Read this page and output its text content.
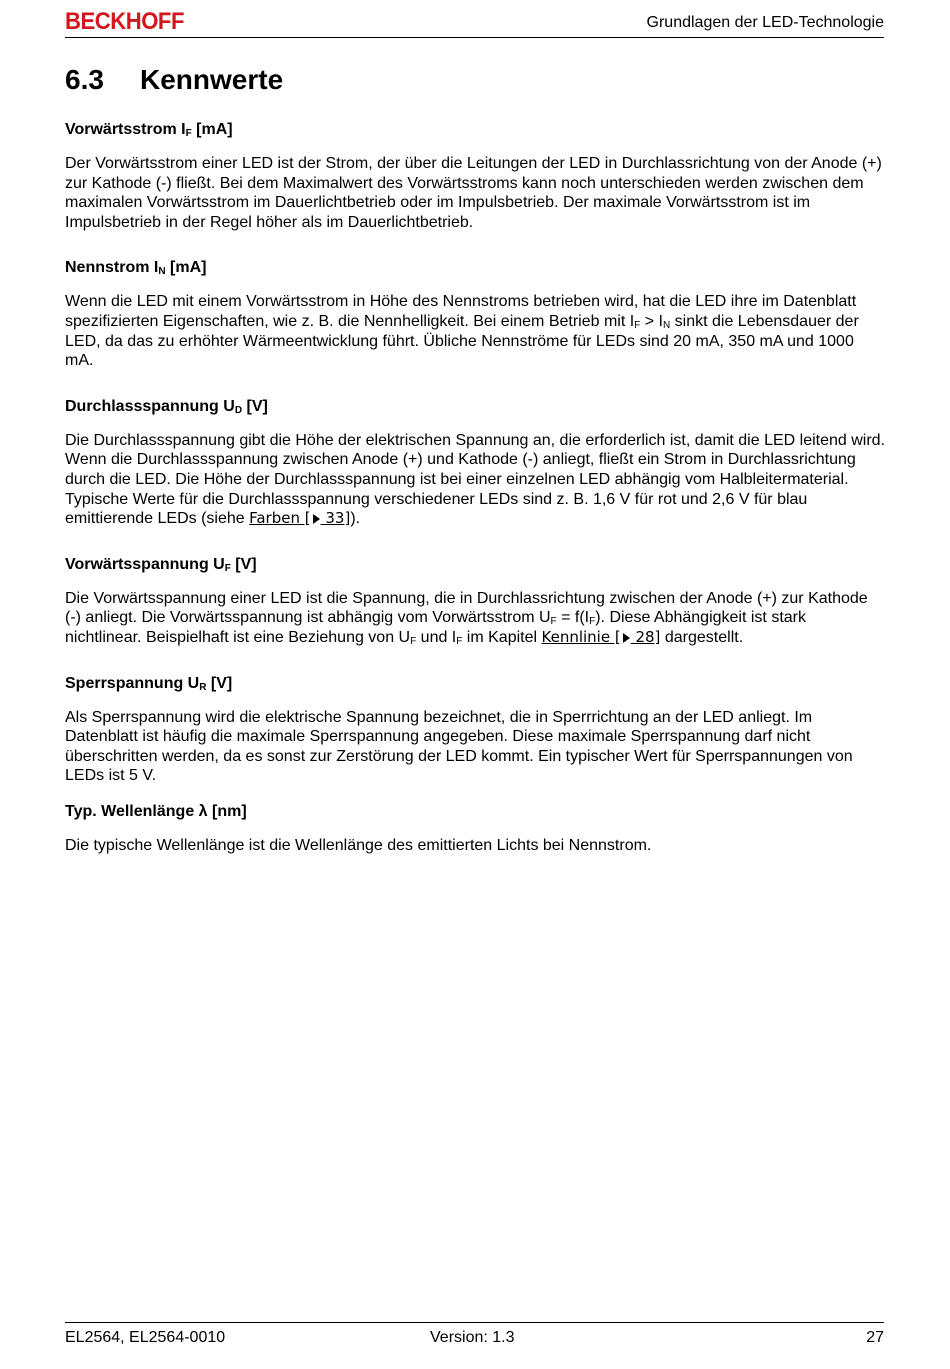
BECKHOFF	Grundlagen der LED-Technologie
6.3 Kennwerte
Vorwärtsstrom $I_F$ [mA]

Der Vorwärtsstrom einer LED ist der Strom, der über die Leitungen der LED in Durchlassrichtung von der Anode (+) zur Kathode (-) fließt. Bei dem Maximalwert des Vorwärtsstroms kann noch unterschieden werden zwischen dem maximalen Vorwärtsstrom im Dauerlichtbetrieb oder im Impulsbetrieb. Der maximale Vorwärtsstrom ist im Impulsbetrieb in der Regel höher als im Dauerlichtbetrieb.

Nennstrom $I_N$ [mA]

Wenn die LED mit einem Vorwärtsstrom in Höhe des Nennstroms betrieben wird, hat die LED ihre im Datenblatt spezifizierten Eigenschaften, wie z. B. die Nennhelligkeit. Bei einem Betrieb mit $I_F > I_N$ sinkt die Lebensdauer der LED, da das zu erhöhter Wärmeentwicklung führt. Übliche Nennströme für LEDs sind 20 mA, 350 mA und 1000 mA.

Durchlassspannung $U_D$ [V]

Die Durchlassspannung gibt die Höhe der elektrischen Spannung an, die erforderlich ist, damit die LED leitend wird. Wenn die Durchlassspannung zwischen Anode (+) und Kathode (-) anliegt, fließt ein Strom in Durchlassrichtung durch die LED. Die Höhe der Durchlassspannung ist bei einer einzelnen LED abhängig vom Halbleitermaterial. Typische Werte für die Durchlassspannung verschiedener LEDs sind z. B. 1,6 V für rot und 2,6 V für blau emittierende LEDs (siehe Farben [ 33]).

Vorwärtsspannung $U_F$ [V]

Die Vorwärtsspannung einer LED ist die Spannung, die in Durchlassrichtung zwischen der Anode (+) zur Kathode (-) anliegt. Die Vorwärtsspannung ist abhängig vom Vorwärtsstrom $U_F = f(I_F)$. Diese Abhängigkeit ist stark nichtlinear. Beispielhaft ist eine Beziehung von $U_F$ und $I_F$ im Kapitel Kennlinie [ 28] dargestellt.

Sperrspannung $U_R$ [V]

Als Sperrspannung wird die elektrische Spannung bezeichnet, die in Sperrrichtung an der LED anliegt. Im Datenblatt ist häufig die maximale Sperrspannung angegeben. Diese maximale Sperrspannung darf nicht überschritten werden, da es sonst zur Zerstörung der LED kommt. Ein typischer Wert für Sperrspannungen von LEDs ist 5 V.

Typ. Wellenlänge λ [nm]

Die typische Wellenlänge ist die Wellenlänge des emittierten Lichts bei Nennstrom.

EL2564, EL2564-0010	Version: 1.3	27
